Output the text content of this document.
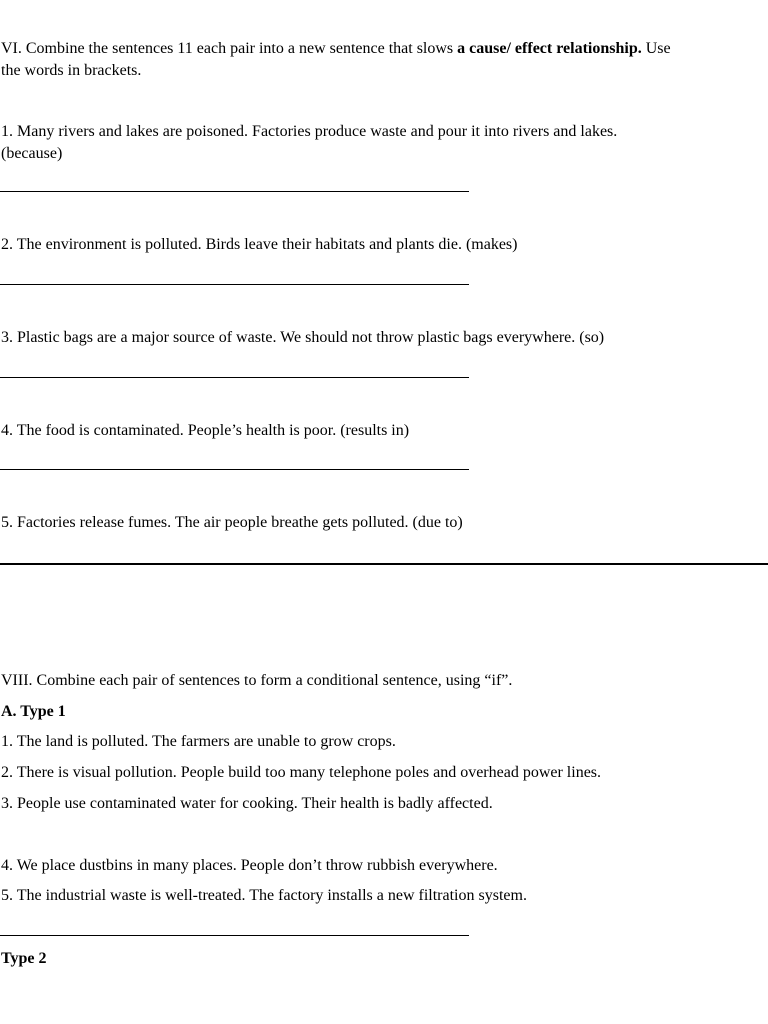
VI. Combine the sentences 11 each pair into a new sentence that slows a cause/ effect relationship. Use
the words in brackets.
1. Many rivers and lakes are poisoned. Factories produce waste and pour it into rivers and lakes.
(because)
2. The environment is polluted. Birds leave their habitats and plants die. (makes)
3. Plastic bags are a major source of waste. We should not throw plastic bags everywhere. (so)
4. The food is contaminated. People’s health is poor. (results in)
5. Factories release fumes. The air people breathe gets polluted. (due to)
VIII. Combine each pair of sentences to form a conditional sentence, using “if”.
A. Type 1
1. The land is polluted. The farmers are unable to grow crops.
2. There is visual pollution. People build too many telephone poles and overhead power lines.
3. People use contaminated water for cooking. Their health is badly affected.
4. We place dustbins in many places. People don’t throw rubbish everywhere.
5. The industrial waste is well-treated. The factory installs a new filtration system.
Type 2
